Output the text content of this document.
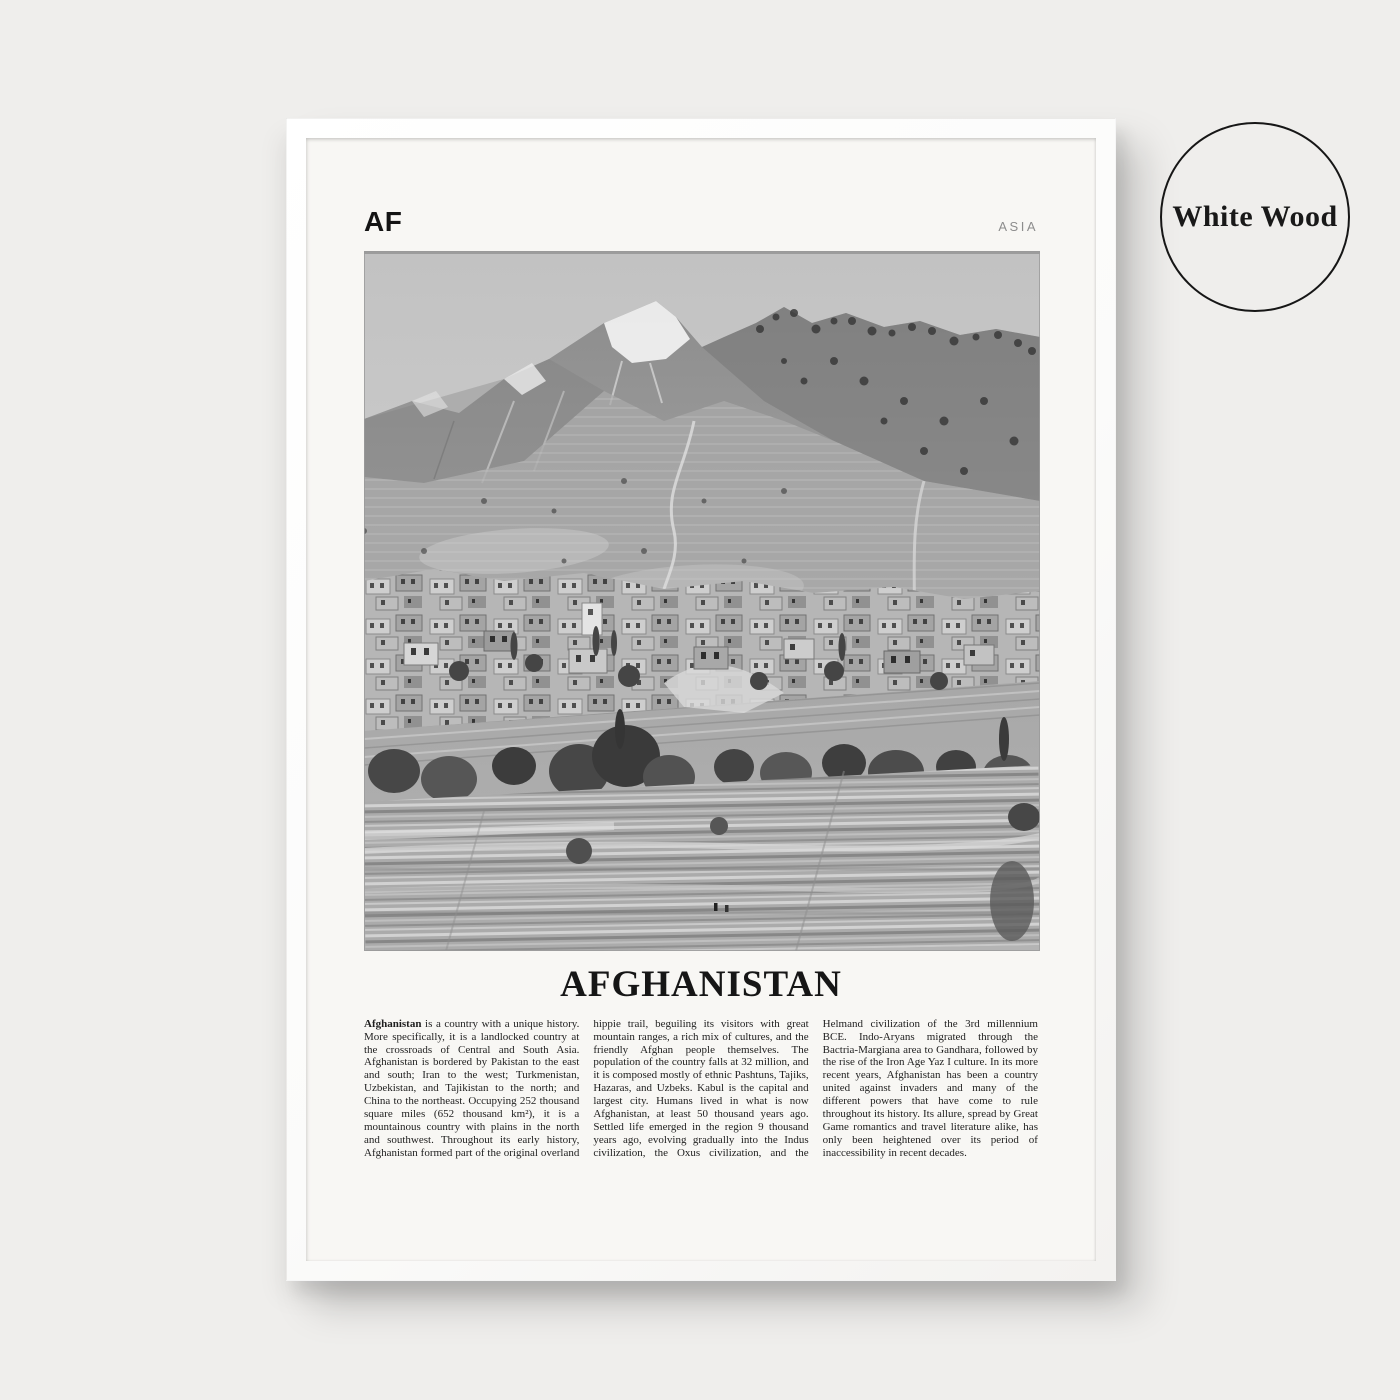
AF	ASIA
AFGHANISTAN
Afghanistan is a country with a unique history. More specifically, it is a landlocked country at the crossroads of Central and South Asia. Afghanistan is bordered by Pakistan to the east and south; Iran to the west; Turkmenistan, Uzbekistan, and Tajikistan to the north; and China to the northeast. Occupying 252 thousand square miles (652 thousand km²), it is a mountainous country with plains in the north and southwest. Throughout its early history, Afghanistan formed part of the original overland hippie trail, beguiling its visitors with great mountain ranges, a rich mix of cultures, and the friendly Afghan people themselves. The population of the country falls at 32 million, and it is composed mostly of ethnic Pashtuns, Tajiks, Hazaras, and Uzbeks. Kabul is the capital and largest city. Humans lived in what is now Afghanistan, at least 50 thousand years ago. Settled life emerged in the region 9 thousand years ago, evolving gradually into the Indus civilization, the Oxus civilization, and the Helmand civilization of the 3rd millennium BCE. Indo-Aryans migrated through the Bactria-Margiana area to Gandhara, followed by the rise of the Iron Age Yaz I culture. In its more recent years, Afghanistan has been a country united against invaders and many of the different powers that have come to rule throughout its history. Its allure, spread by Great Game romantics and travel literature alike, has only been heightened over its period of inaccessibility in recent decades.
White Wood
